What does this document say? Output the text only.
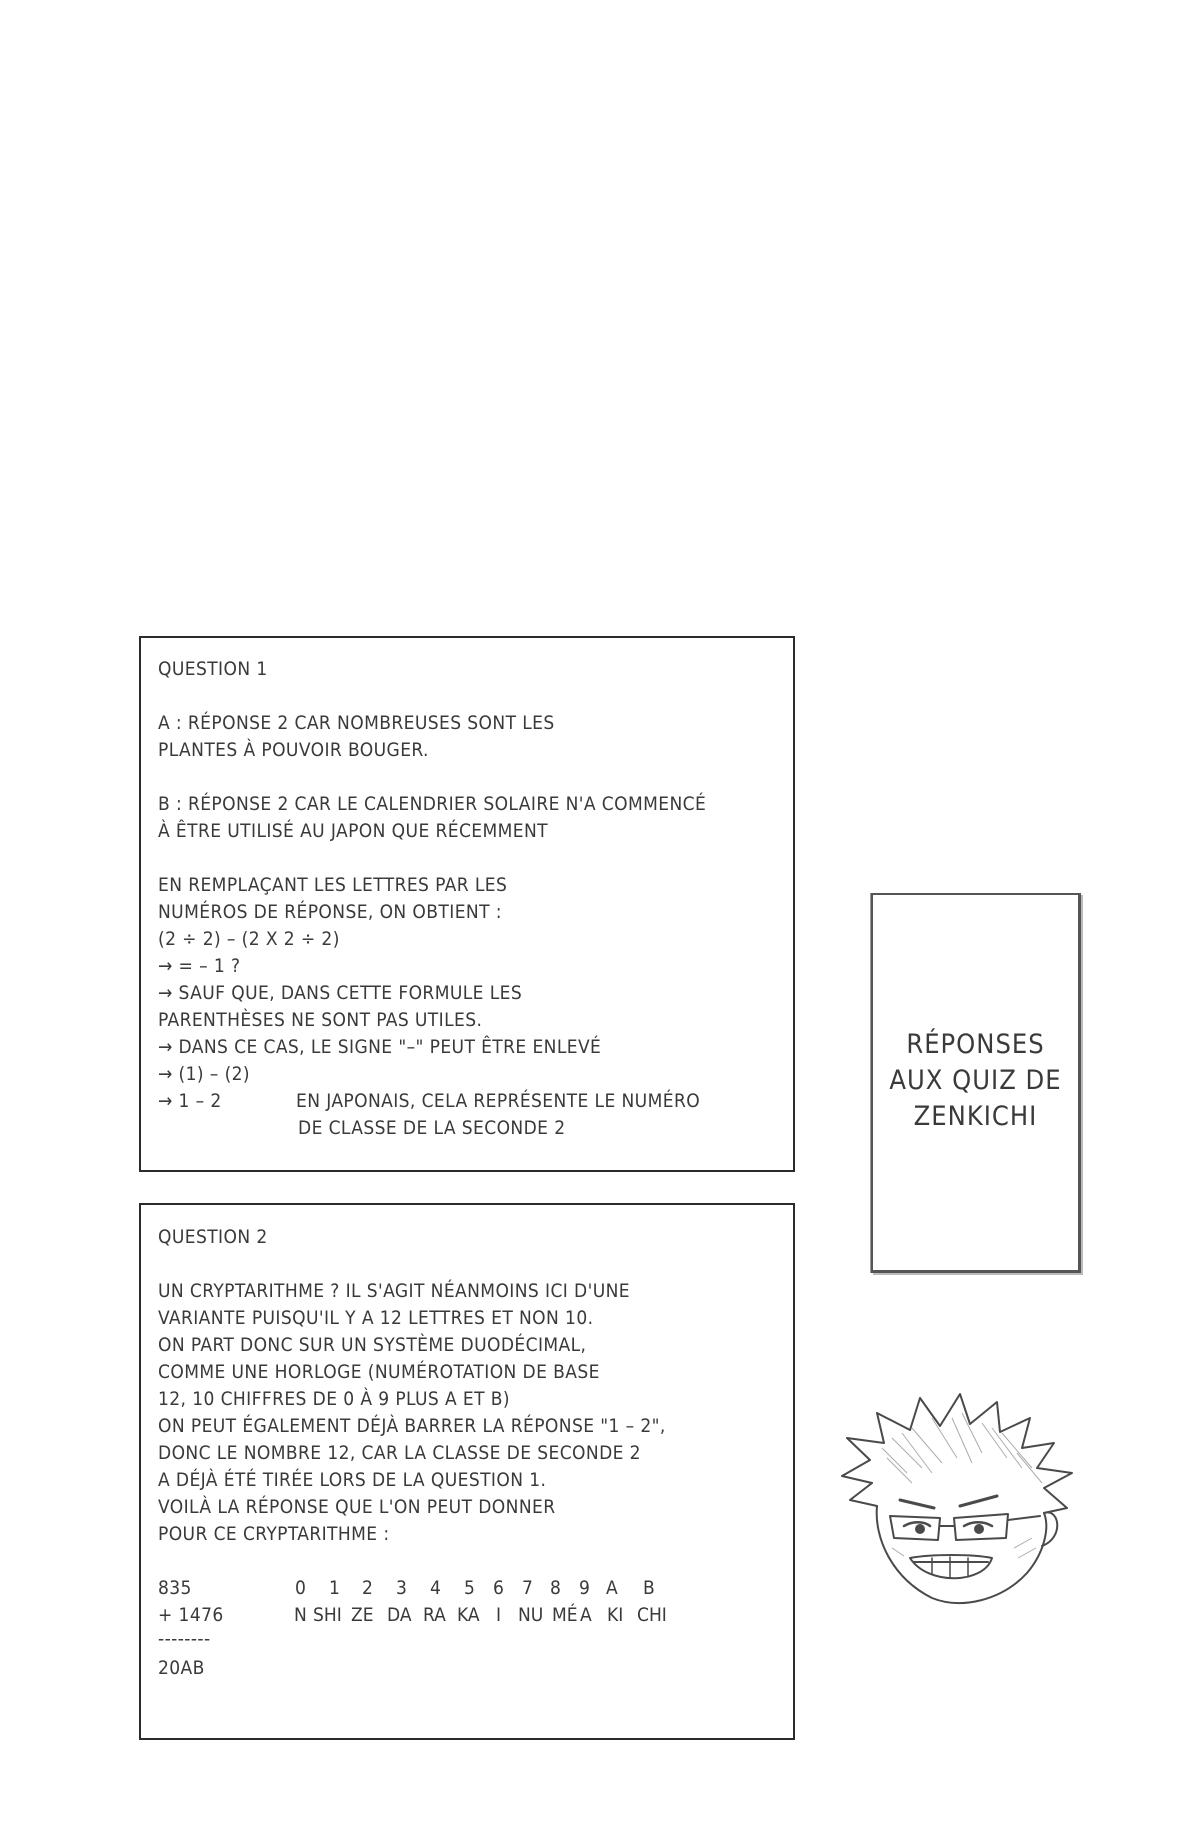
QUESTION 1
A : RÉPONSE 2 CAR NOMBREUSES SONT LES
PLANTES À POUVOIR BOUGER.
B : RÉPONSE 2 CAR LE CALENDRIER SOLAIRE N'A COMMENCÉ
À ÊTRE UTILISÉ AU JAPON QUE RÉCEMMENT
EN REMPLAÇANT LES LETTRES PAR LES
NUMÉROS DE RÉPONSE, ON OBTIENT :
(2 ÷ 2) – (2 X 2 ÷ 2)
→ = – 1 ?
→ SAUF QUE, DANS CETTE FORMULE LES
PARENTHÈSES NE SONT PAS UTILES.
→ DANS CE CAS, LE SIGNE "–" PEUT ÊTRE ENLEVÉ
→ (1) – (2)
→ 1 – 2	EN JAPONAIS, CELA REPRÉSENTE LE NUMÉRO
DE CLASSE DE LA SECONDE 2
QUESTION 2
UN CRYPTARITHME ? IL S'AGIT NÉANMOINS ICI D'UNE
VARIANTE PUISQU'IL Y A 12 LETTRES ET NON 10.
ON PART DONC SUR UN SYSTÈME DUODÉCIMAL,
COMME UNE HORLOGE (NUMÉROTATION DE BASE
12, 10 CHIFFRES DE 0 À 9 PLUS A ET B)
ON PEUT ÉGALEMENT DÉJÀ BARRER LA RÉPONSE "1 – 2",
DONC LE NOMBRE 12, CAR LA CLASSE DE SECONDE 2
A DÉJÀ ÉTÉ TIRÉE LORS DE LA QUESTION 1.
VOILÀ LA RÉPONSE QUE L'ON PEUT DONNER
POUR CE CRYPTARITHME :
835
+ 1476
--------
20AB
0 1 2 3 4 5 6 7 8 9 A B
N SHI ZE DA RA KA I NU MÉ A KI CHI
RÉPONSES
AUX QUIZ DE
ZENKICHI
